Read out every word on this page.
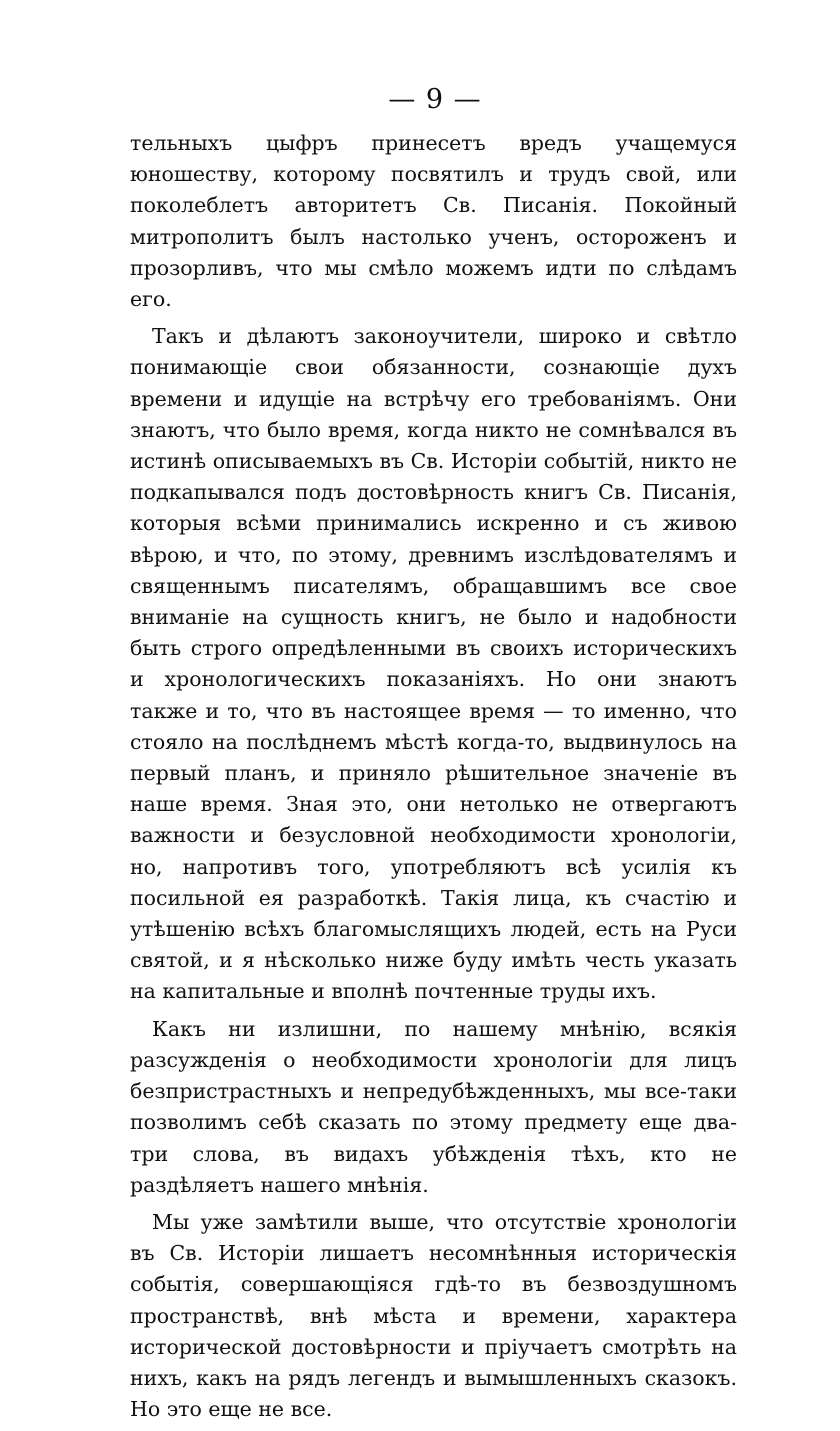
— 9 —

тельныхъ цыфръ принесетъ вредъ учащемуся юношеству, которому посвятилъ и трудъ свой, или поколеблетъ авторитетъ Св. Писанія. Покойный митрополитъ былъ настолько ученъ, остороженъ и прозорливъ, что мы смѣло можемъ идти по слѣдамъ его.

Такъ и дѣлаютъ законоучители, широко и свѣтло понимающіе свои обязанности, сознающіе духъ времени и идущіе на встрѣчу его требованіямъ. Они знаютъ, что было время, когда никто не сомнѣвался въ истинѣ описываемыхъ въ Св. Исторіи событій, никто не подкапывался подъ достовѣрность книгъ Св. Писанія, которыя всѣми принимались искренно и съ живою вѣрою, и что, по этому, древнимъ изслѣдователямъ и священнымъ писателямъ, обращавшимъ все свое вниманіе на сущность книгъ, не было и надобности быть строго опредѣленными въ своихъ историческихъ и хронологическихъ показаніяхъ. Но они знаютъ также и то, что въ настоящее время — то именно, что стояло на послѣднемъ мѣстѣ когда-то, выдвинулось на первый планъ, и приняло рѣшительное значеніе въ наше время. Зная это, они нетолько не отвергаютъ важности и безусловной необходимости хронологіи, но, напротивъ того, употребляютъ всѣ усилія къ посильной ея разработкѣ. Такія лица, къ счастію и утѣшенію всѣхъ благомыслящихъ людей, есть на Руси святой, и я нѣсколько ниже буду имѣть честь указать на капитальные и вполнѣ почтенные труды ихъ.

Какъ ни излишни, по нашему мнѣнію, всякія разсужденія о необходимости хронологіи для лицъ безпристрастныхъ и непредубѣжденныхъ, мы все-таки позволимъ себѣ сказать по этому предмету еще два-три слова, въ видахъ убѣжденія тѣхъ, кто не раздѣляетъ нашего мнѣнія.

Мы уже замѣтили выше, что отсутствіе хронологіи въ Св. Исторіи лишаетъ несомнѣнныя историческія событія, совершающіяся гдѣ-то въ безвоздушномъ пространствѣ, внѣ мѣста и времени, характера исторической достовѣрности и пріучаетъ смотрѣть на нихъ, какъ на рядъ легендъ и вымышленныхъ сказокъ. Но это еще не все.
